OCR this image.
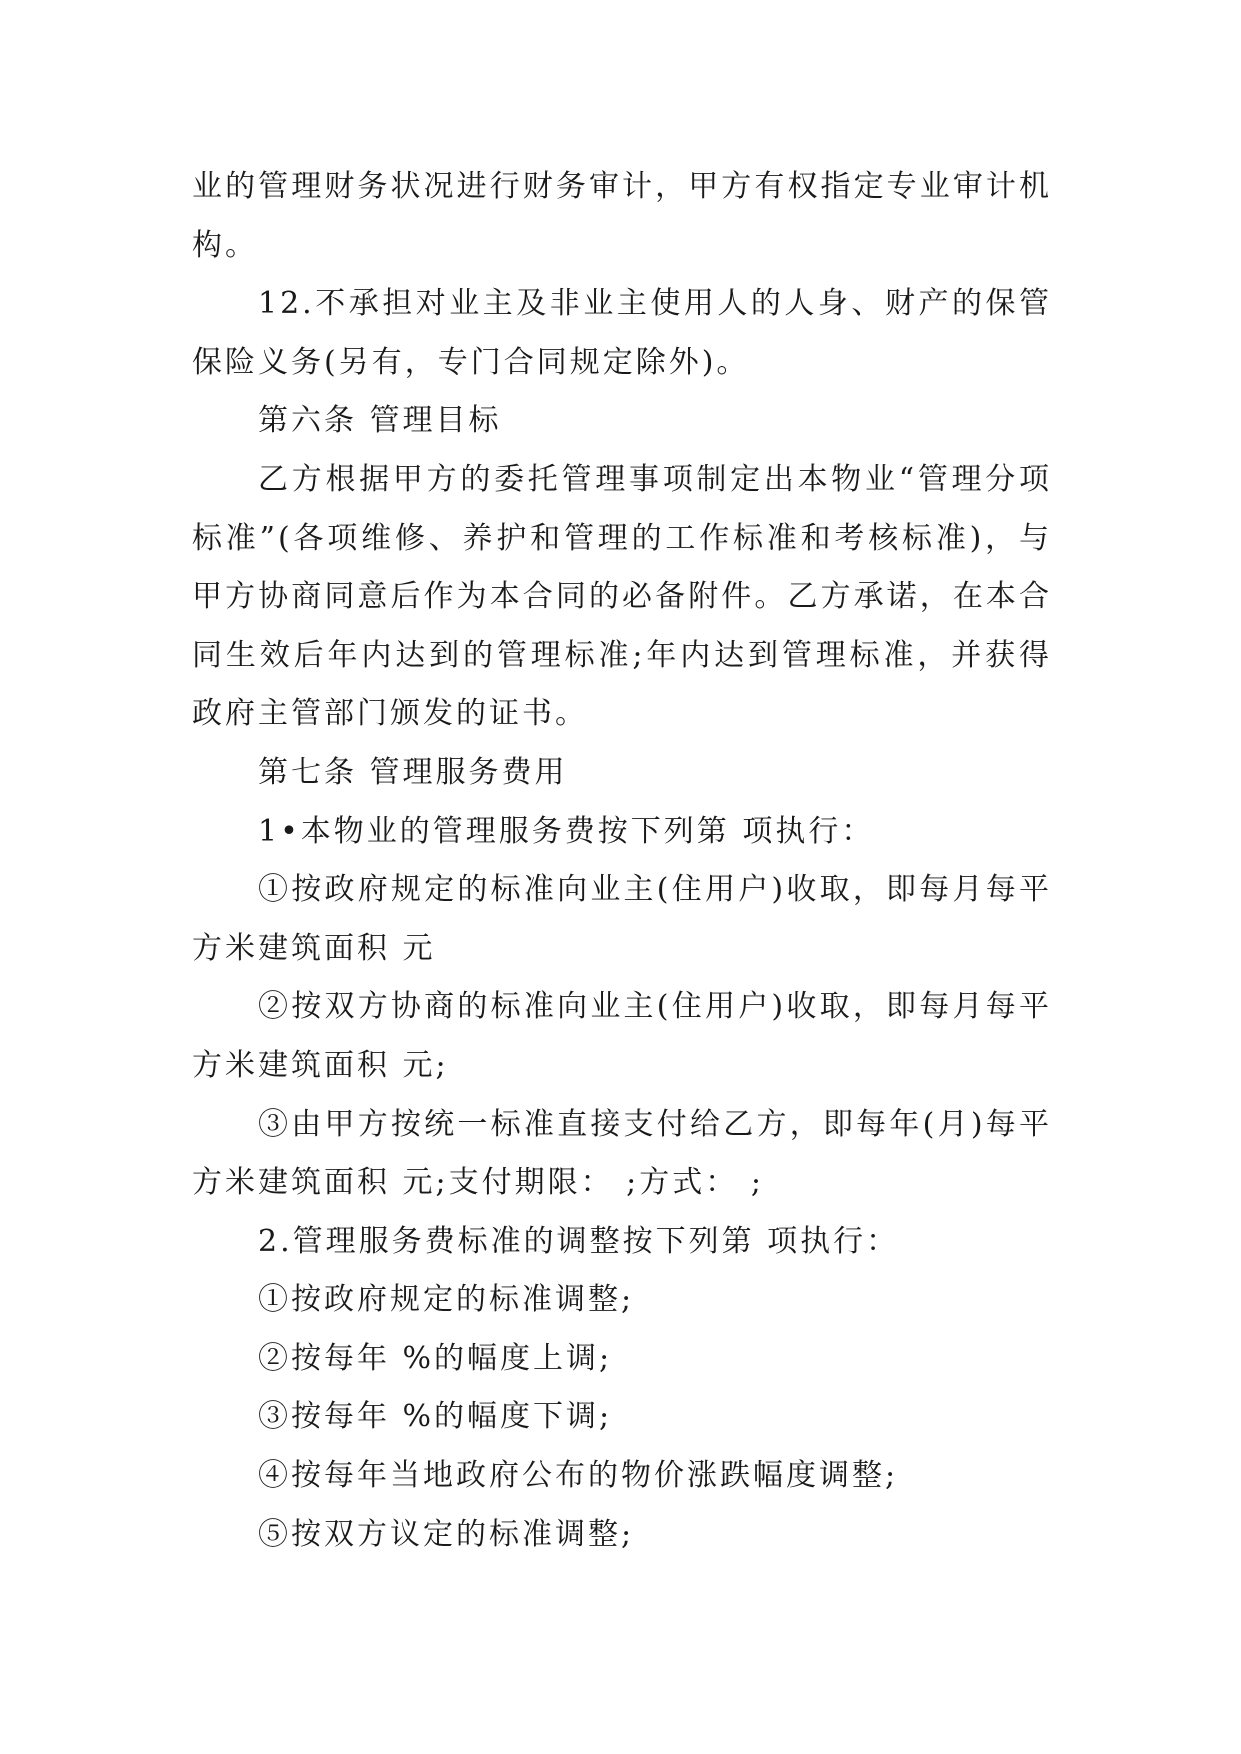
业的管理财务状况进行财务审计，甲方有权指定专业审计机构。

12.不承担对业主及非业主使用人的人身、财产的保管保险义务(另有，专门合同规定除外)。

第六条 管理目标

乙方根据甲方的委托管理事项制定出本物业“管理分项标准”(各项维修、养护和管理的工作标准和考核标准)，与甲方协商同意后作为本合同的必备附件。乙方承诺，在本合同生效后年内达到的管理标准;年内达到管理标准，并获得政府主管部门颁发的证书。

第七条 管理服务费用

1•本物业的管理服务费按下列第 项执行：

①按政府规定的标准向业主(住用户)收取，即每月每平方米建筑面积 元

②按双方协商的标准向业主(住用户)收取，即每月每平方米建筑面积 元;

③由甲方按统一标准直接支付给乙方，即每年(月)每平方米建筑面积 元;支付期限： ;方式： ;

2.管理服务费标准的调整按下列第 项执行：

①按政府规定的标准调整;

②按每年 %的幅度上调;

③按每年 %的幅度下调;

④按每年当地政府公布的物价涨跌幅度调整;

⑤按双方议定的标准调整;
